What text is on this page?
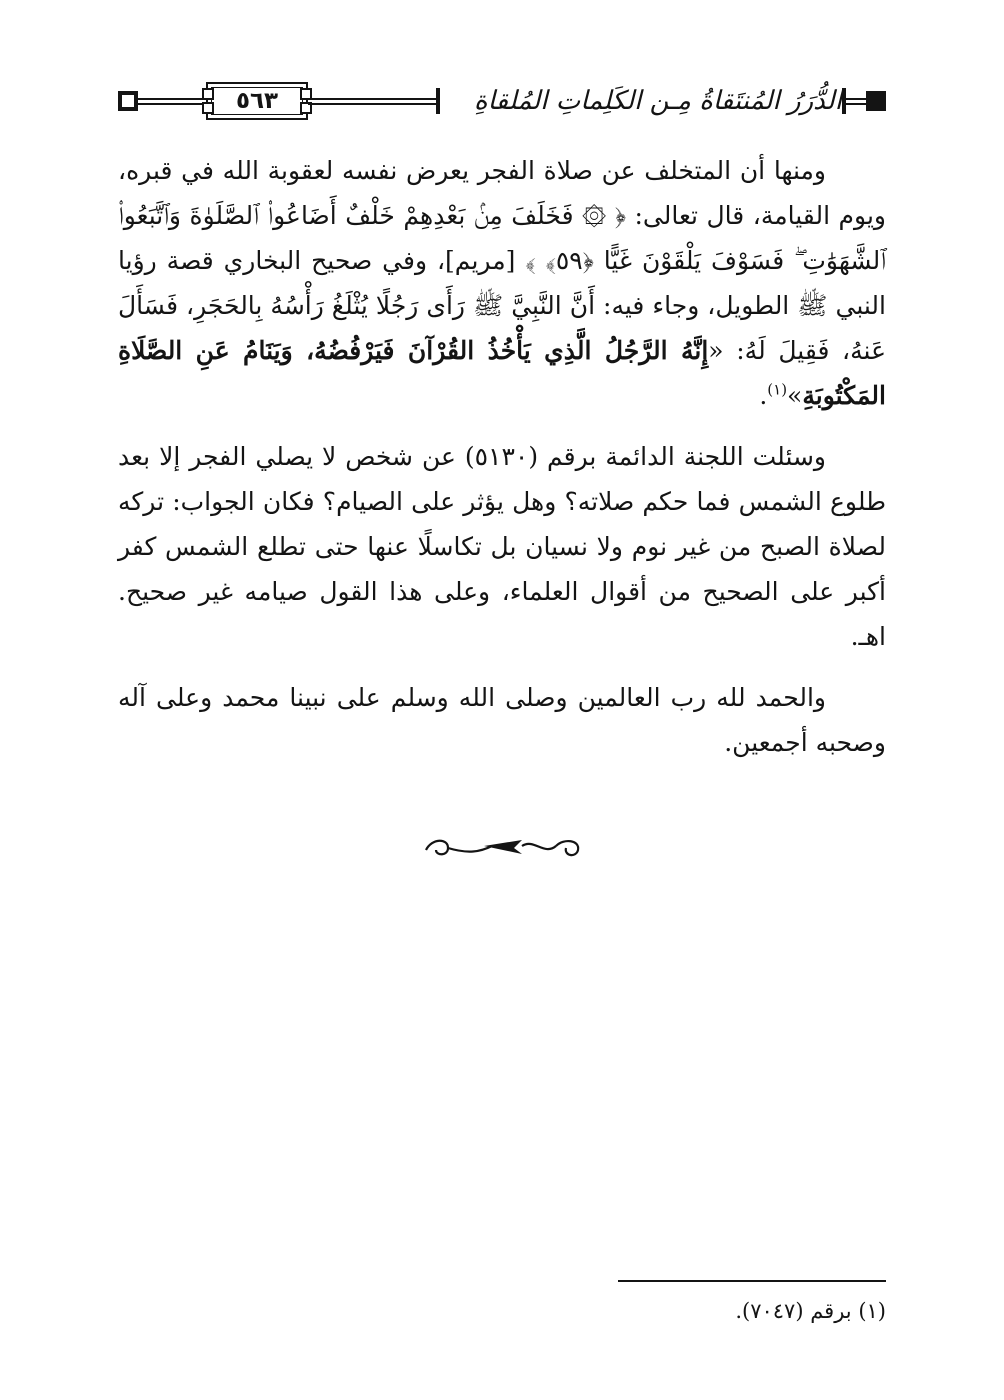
٥٦٣	الدُّرَرُ المُنتَقاةُ مِـن الكَلِماتِ المُلقاةِ

ومنها أن المتخلف عن صلاة الفجر يعرض نفسه لعقوبة الله في قبره، ويوم القيامة، قال تعالى: ﴿ ۞ فَخَلَفَ مِنۢ بَعْدِهِمْ خَلْفٌ أَضَاعُوا۟ ٱلصَّلَوٰةَ وَٱتَّبَعُوا۟ ٱلشَّهَوَٰتِ ۖ فَسَوْفَ يَلْقَوْنَ غَيًّا ﴿٥٩﴾ ﴾ [مريم]، وفي صحيح البخاري قصة رؤيا النبي ﷺ الطويل، وجاء فيه: أَنَّ النَّبِيَّ ﷺ رَأَى رَجُلًا يُثْلَغُ رَأْسُهُ بِالحَجَرِ، فَسَأَلَ عَنهُ، فَقِيلَ لَهُ: «إِنَّهُ الرَّجُلُ الَّذِي يَأْخُذُ القُرْآنَ فَيَرْفُضُهُ، وَيَنَامُ عَنِ الصَّلَاةِ المَكْتُوبَةِ»$^{(١)}$.

وسئلت اللجنة الدائمة برقم (٥١٣٠) عن شخص لا يصلي الفجر إلا بعد طلوع الشمس فما حكم صلاته؟ وهل يؤثر على الصيام؟ فكان الجواب: تركه لصلاة الصبح من غير نوم ولا نسيان بل تكاسلًا عنها حتى تطلع الشمس كفر أكبر على الصحيح من أقوال العلماء، وعلى هذا القول صيامه غير صحيح. اهـ.

والحمد لله رب العالمين وصلى الله وسلم على نبينا محمد وعلى آله وصحبه أجمعين.

(١) برقم (٧٠٤٧).
